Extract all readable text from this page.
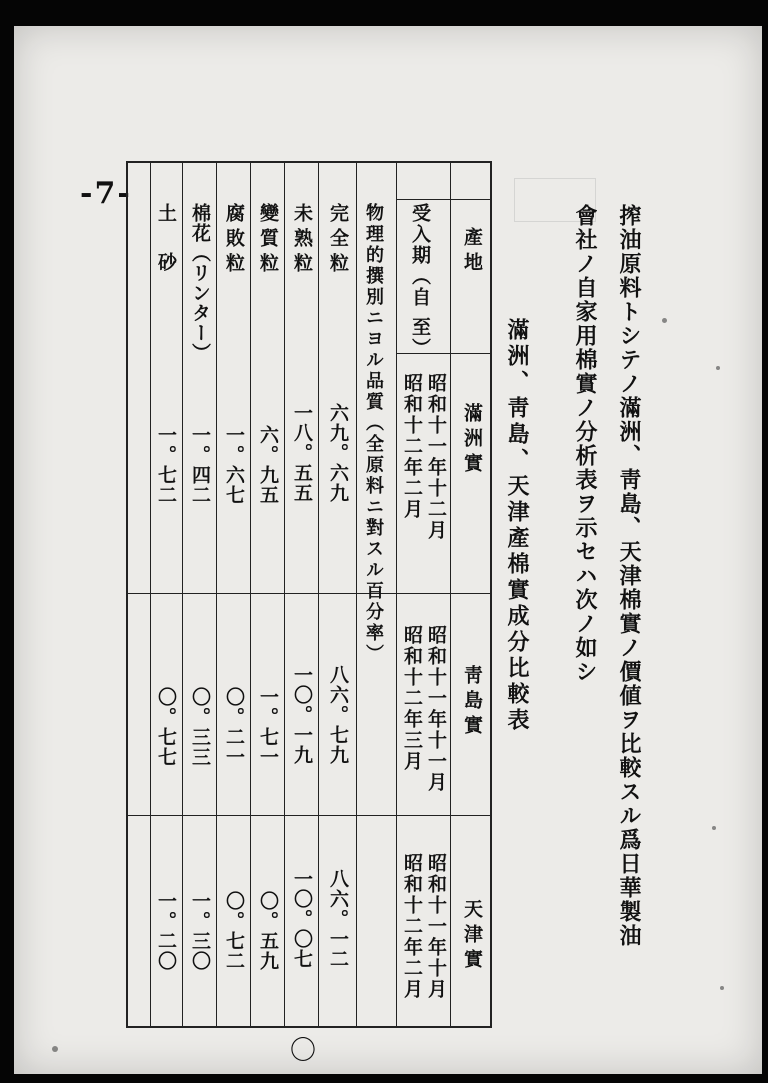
-7-
搾油原料トシテノ滿洲、靑島、天津棉實ノ價値ヲ比較スル爲日華製油
會社ノ自家用棉實ノ分析表ヲ示セハ次ノ如シ
滿洲、靑島、天津產棉實成分比較表
產地
受入期（自 至）
物理的撰別ニヨル品質（全原料ニ對スル百分率）	滿洲實
昭和十一年十二月
昭和十二年二月
靑島實
昭和十一年十一月
昭和十二年三月
天津實
昭和十一年十月
昭和十二年二月
完全粒
未熟粒
變質粒
腐敗粒
棉花（リンター）
土砂
六九。六九
一八。五五
六。九五
一。六七
一。四二
一。七二
八六。七九
一〇。一九
一。七一
〇。二一
〇。三三
〇。七七
八六。一二
一〇。〇七
〇。五九
〇。七二
一。三〇
一。二〇
〇
